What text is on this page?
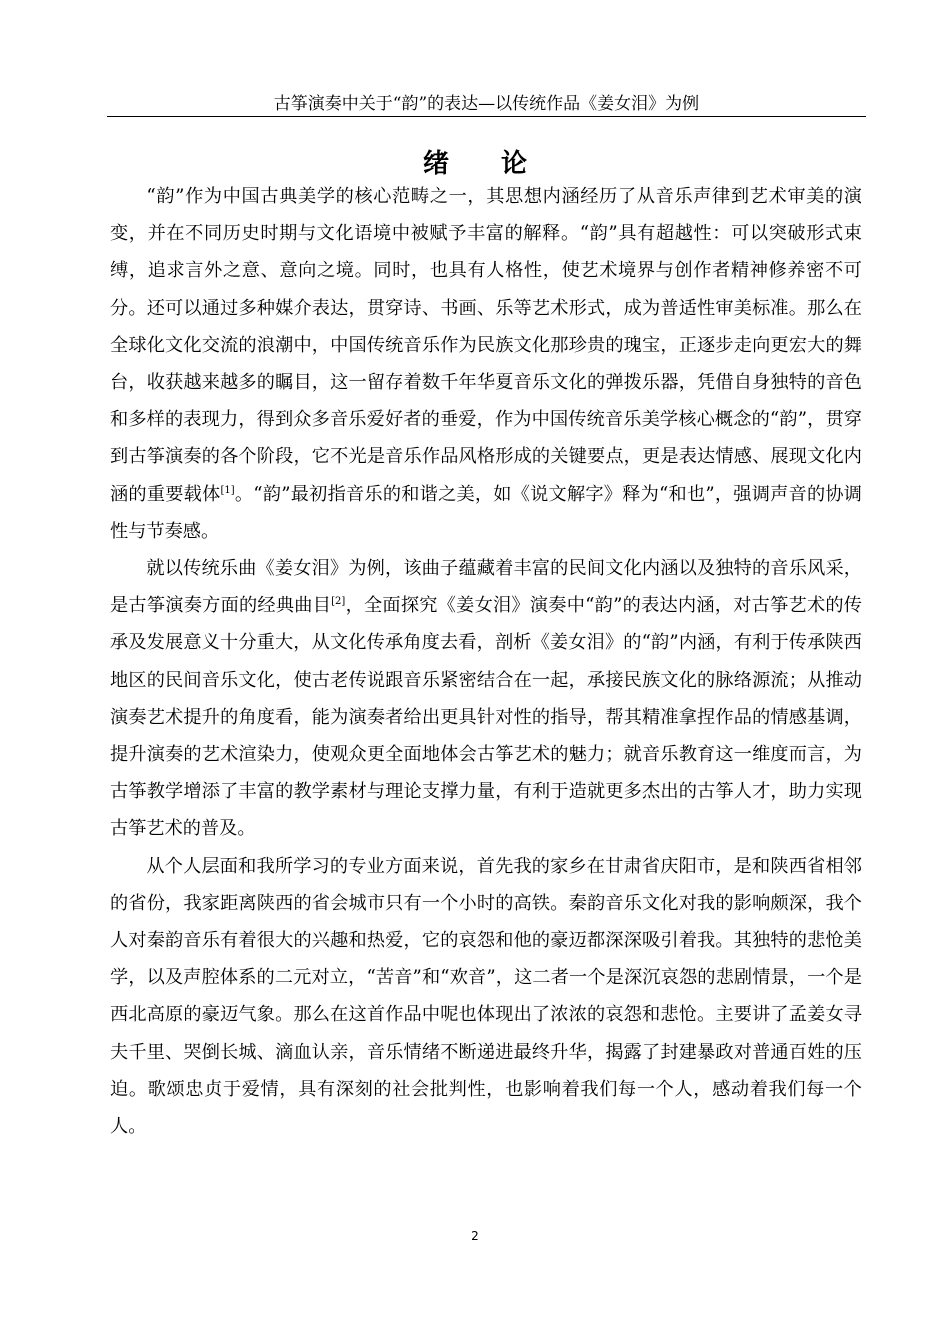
古筝演奏中关于“韵”的表达—以传统作品《姜女泪》为例
绪论

“韵”作为中国古典美学的核心范畴之一，其思想内涵经历了从音乐声律到艺术审美的演变，并在不同历史时期与文化语境中被赋予丰富的解释。“韵”具有超越性：可以突破形式束缚，追求言外之意、意向之境。同时，也具有人格性，使艺术境界与创作者精神修养密不可分。还可以通过多种媒介表达，贯穿诗、书画、乐等艺术形式，成为普适性审美标准。那么在全球化文化交流的浪潮中，中国传统音乐作为民族文化那珍贵的瑰宝，正逐步走向更宏大的舞台，收获越来越多的瞩目，这一留存着数千年华夏音乐文化的弹拨乐器，凭借自身独特的音色和多样的表现力，得到众多音乐爱好者的垂爱，作为中国传统音乐美学核心概念的“韵”，贯穿到古筝演奏的各个阶段，它不光是音乐作品风格形成的关键要点，更是表达情感、展现文化内涵的重要载体[1]。“韵”最初指音乐的和谐之美，如《说文解字》释为“和也”，强调声音的协调性与节奏感。

就以传统乐曲《姜女泪》为例，该曲子蕴藏着丰富的民间文化内涵以及独特的音乐风采，是古筝演奏方面的经典曲目[2]，全面探究《姜女泪》演奏中“韵”的表达内涵，对古筝艺术的传承及发展意义十分重大，从文化传承角度去看，剖析《姜女泪》的“韵”内涵，有利于传承陕西地区的民间音乐文化，使古老传说跟音乐紧密结合在一起，承接民族文化的脉络源流；从推动演奏艺术提升的角度看，能为演奏者给出更具针对性的指导，帮其精准拿捏作品的情感基调，提升演奏的艺术渲染力，使观众更全面地体会古筝艺术的魅力；就音乐教育这一维度而言，为古筝教学增添了丰富的教学素材与理论支撑力量，有利于造就更多杰出的古筝人才，助力实现古筝艺术的普及。

从个人层面和我所学习的专业方面来说，首先我的家乡在甘肃省庆阳市，是和陕西省相邻的省份，我家距离陕西的省会城市只有一个小时的高铁。秦韵音乐文化对我的影响颇深，我个人对秦韵音乐有着很大的兴趣和热爱，它的哀怨和他的豪迈都深深吸引着我。其独特的悲怆美学，以及声腔体系的二元对立，“苦音”和“欢音”，这二者一个是深沉哀怨的悲剧情景，一个是西北高原的豪迈气象。那么在这首作品中呢也体现出了浓浓的哀怨和悲怆。主要讲了孟姜女寻夫千里、哭倒长城、滴血认亲，音乐情绪不断递进最终升华，揭露了封建暴政对普通百姓的压迫。歌颂忠贞于爱情，具有深刻的社会批判性，也影响着我们每一个人，感动着我们每一个人。

2
